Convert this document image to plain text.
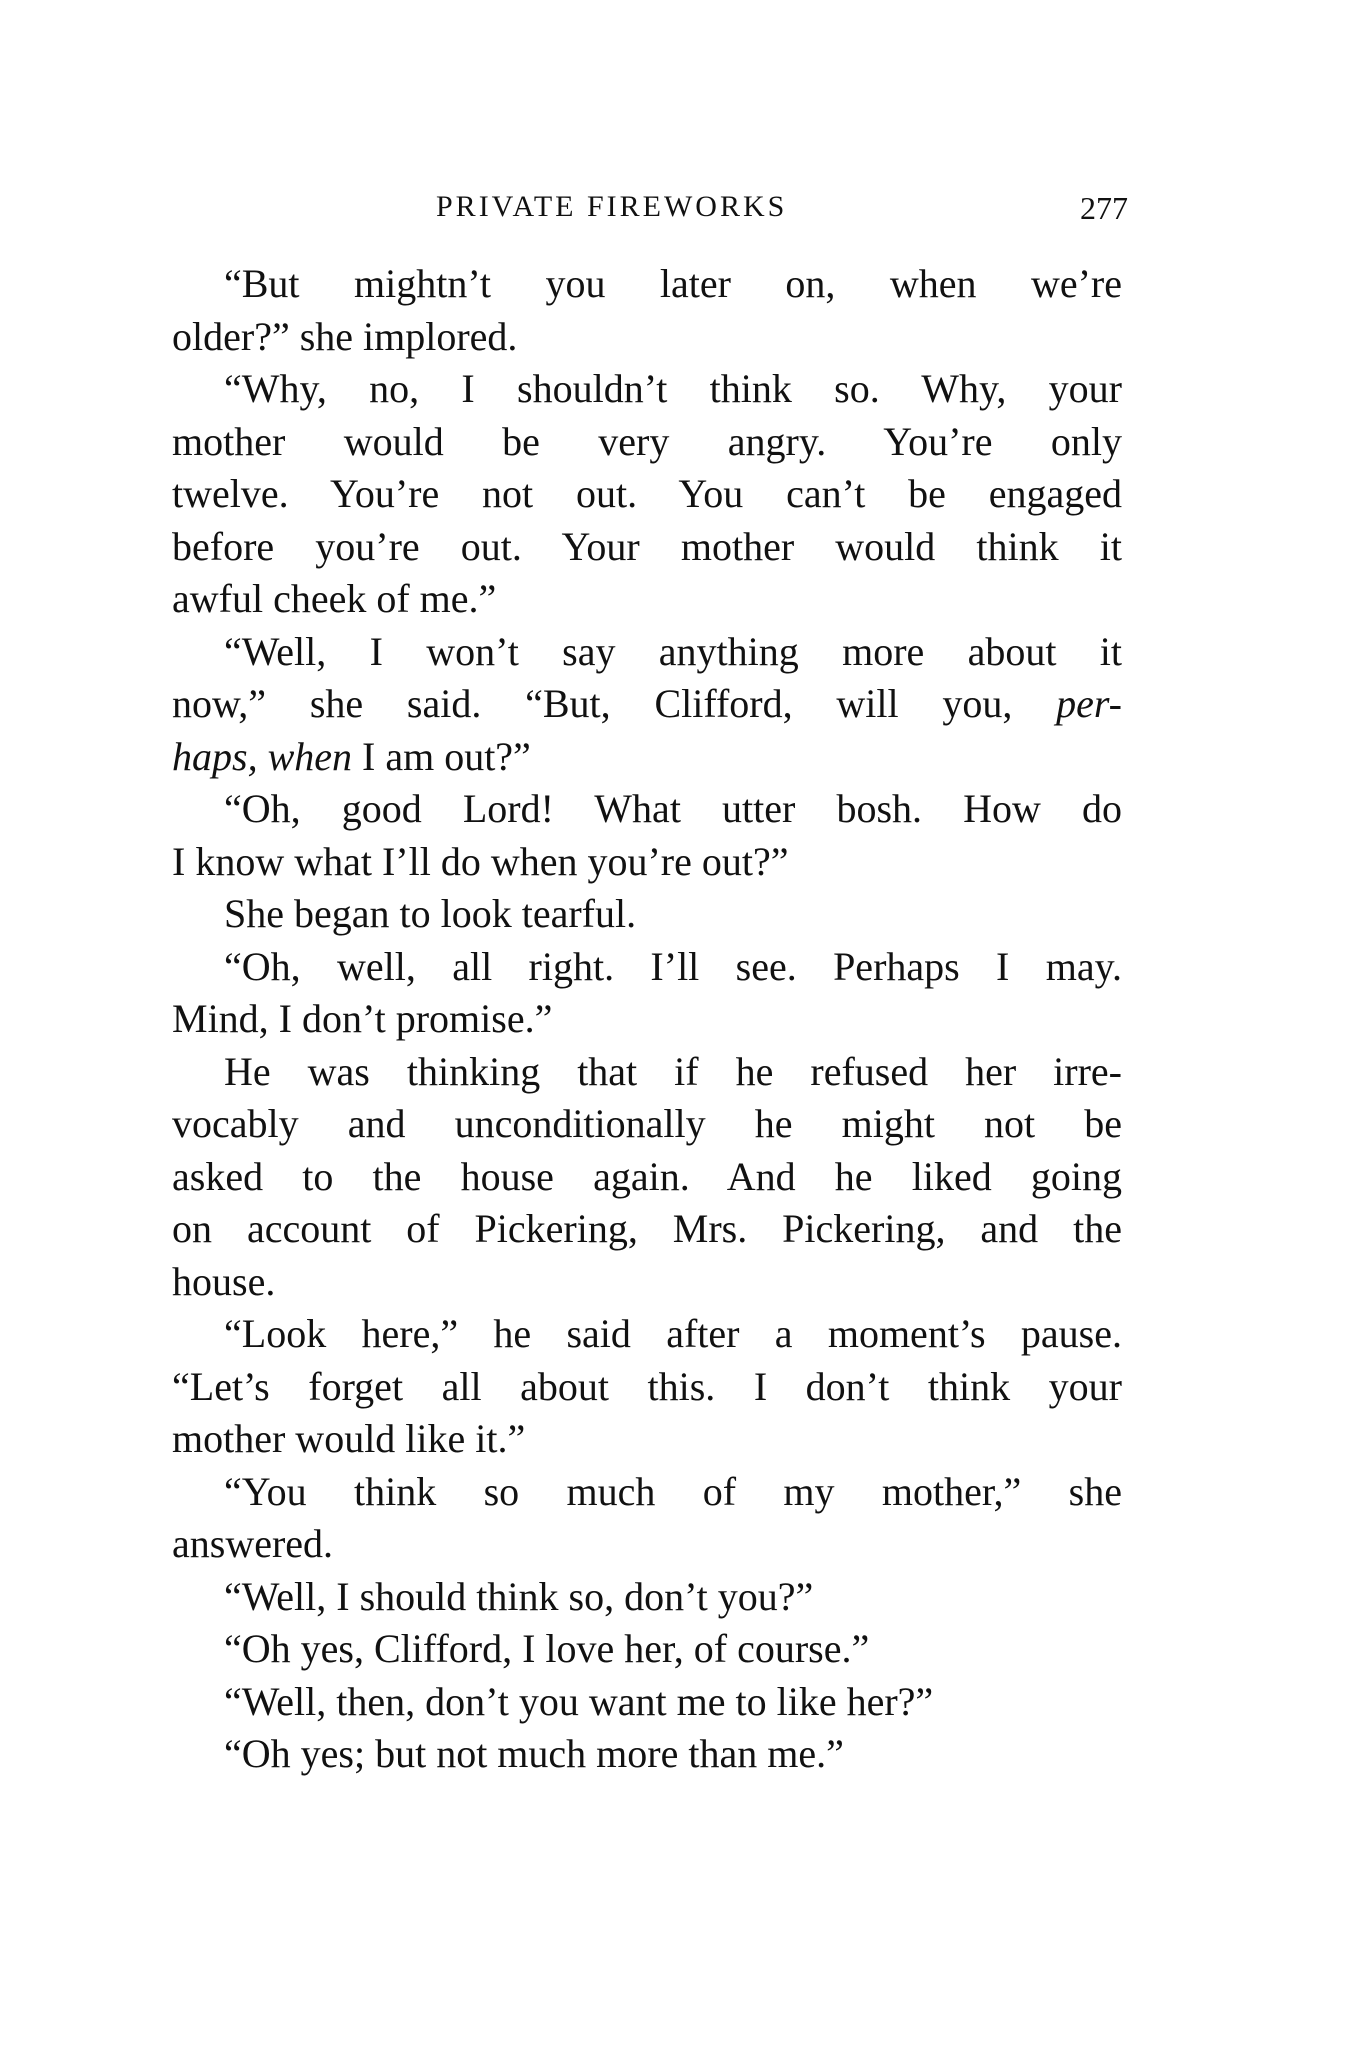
PRIVATE FIREWORKS	277
“But mightn’t you later on, when we’re
older?” she implored.
“Why, no, I shouldn’t think so. Why, your
mother would be very angry. You’re only
twelve. You’re not out. You can’t be engaged
before you’re out. Your mother would think it
awful cheek of me.”
“Well, I won’t say anything more about it
now,” she said. “But, Clifford, will you, per-
haps, when I am out?”
“Oh, good Lord! What utter bosh. How do
I know what I’ll do when you’re out?”
She began to look tearful.
“Oh, well, all right. I’ll see. Perhaps I may.
Mind, I don’t promise.”
He was thinking that if he refused her irre-
vocably and unconditionally he might not be
asked to the house again. And he liked going
on account of Pickering, Mrs. Pickering, and the
house.
“Look here,” he said after a moment’s pause.
“Let’s forget all about this. I don’t think your
mother would like it.”
“You think so much of my mother,” she
answered.
“Well, I should think so, don’t you?”
“Oh yes, Clifford, I love her, of course.”
“Well, then, don’t you want me to like her?”
“Oh yes; but not much more than me.”
